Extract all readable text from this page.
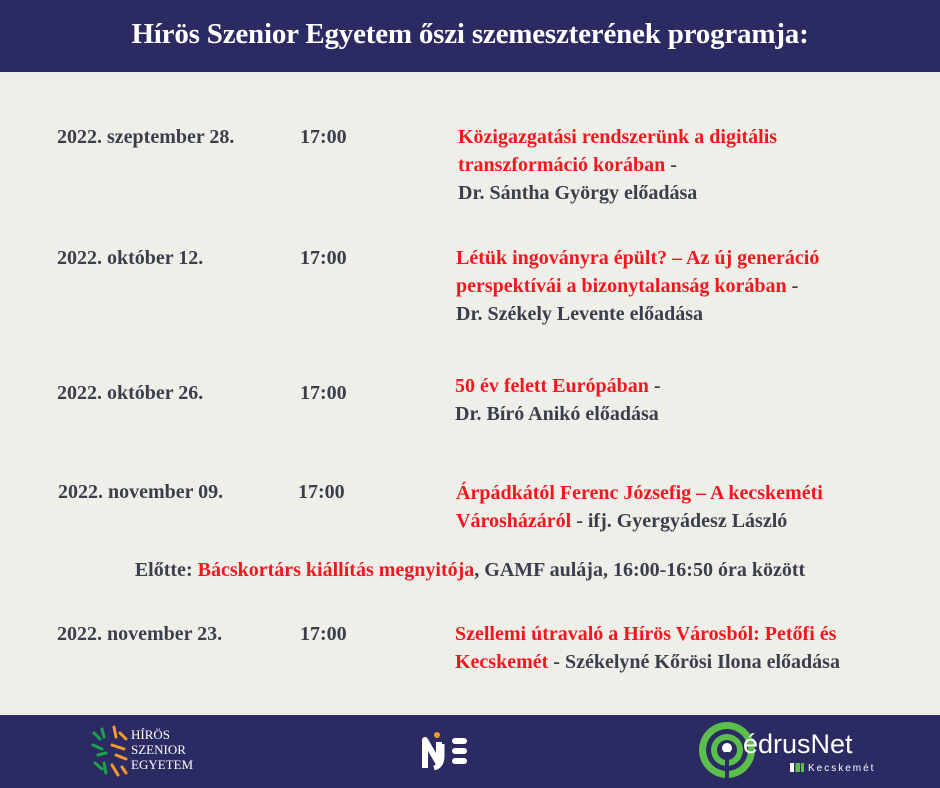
Hírös Szenior Egyetem őszi szemeszterének programja:
2022. szeptember 28.	17:00	Közigazgatási rendszerünk a digitális
transzformáció korában -
Dr. Sántha György előadása
2022. október 12.	17:00	Létük ingoványra épült? – Az új generáció
perspektívái a bizonytalanság korában -
Dr. Székely Levente előadása
2022. október 26.	17:00	50 év felett Európában -
Dr. Bíró Anikó előadása
2022. november 09.	17:00	Árpádkától Ferenc Józsefig – A kecskeméti
Városházáról - ifj. Gyergyádesz László
Előtte: Bácskortárs kiállítás megnyitója, GAMF aulája, 16:00-16:50 óra között
2022. november 23.	17:00	Szellemi útravaló a Hírös Városból: Petőfi és
Kecskemét - Székelyné Kőrösi Ilona előadása
HÍRÖS
SZENIOR
EGYETEM
édrusNet
Kecskemét
